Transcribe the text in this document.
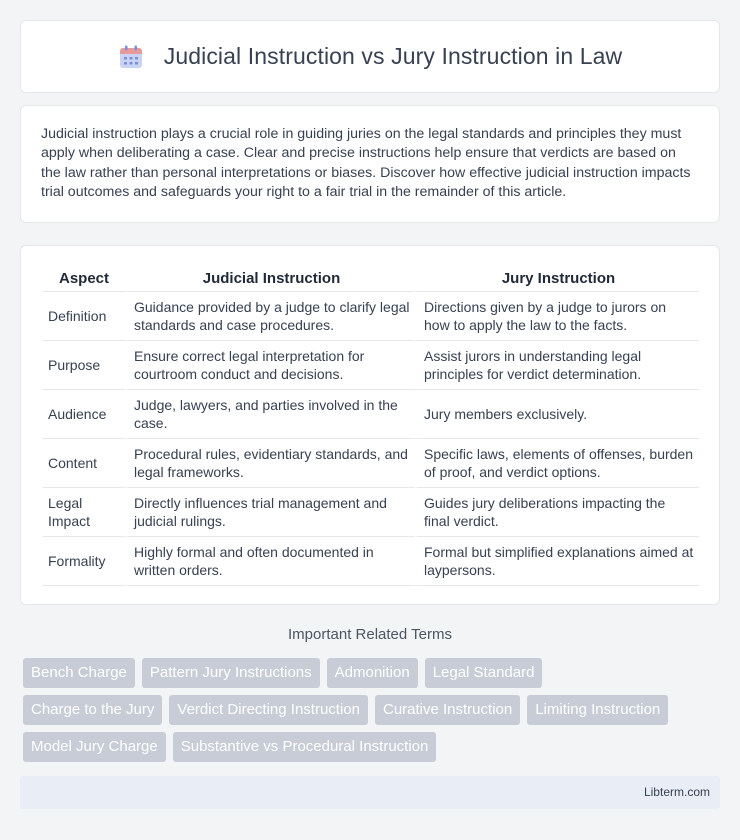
Judicial Instruction vs Jury Instruction in Law

Judicial instruction plays a crucial role in guiding juries on the legal standards and principles they must apply when deliberating a case. Clear and precise instructions help ensure that verdicts are based on the law rather than personal interpretations or biases. Discover how effective judicial instruction impacts trial outcomes and safeguards your right to a fair trial in the remainder of this article.

Aspect	Judicial Instruction	Jury Instruction
Definition	Guidance provided by a judge to clarify legal standards and case procedures.	Directions given by a judge to jurors on how to apply the law to the facts.
Purpose	Ensure correct legal interpretation for courtroom conduct and decisions.	Assist jurors in understanding legal principles for verdict determination.
Audience	Judge, lawyers, and parties involved in the case.	Jury members exclusively.
Content	Procedural rules, evidentiary standards, and legal frameworks.	Specific laws, elements of offenses, burden of proof, and verdict options.
Legal Impact	Directly influences trial management and judicial rulings.	Guides jury deliberations impacting the final verdict.
Formality	Highly formal and often documented in written orders.	Formal but simplified explanations aimed at laypersons.
Important Related Terms
Bench Charge	Pattern Jury Instructions	Admonition	Legal Standard
Charge to the Jury	Verdict Directing Instruction	Curative Instruction	Limiting Instruction
Model Jury Charge	Substantive vs Procedural Instruction
Libterm.com
